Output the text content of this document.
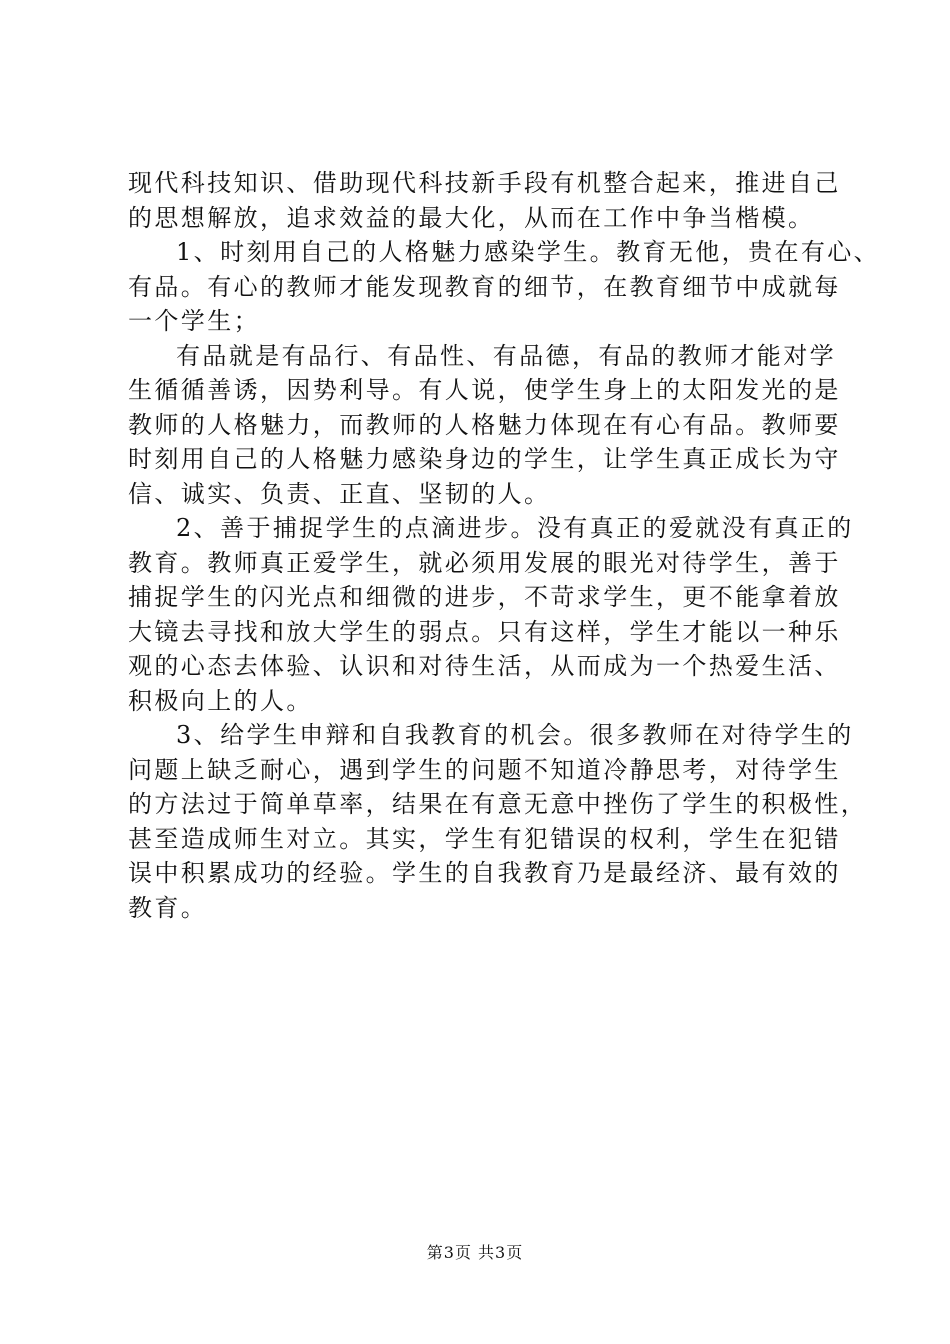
现代科技知识、借助现代科技新手段有机整合起来，推进自己
的思想解放，追求效益的最大化，从而在工作中争当楷模。
1、时刻用自己的人格魅力感染学生。教育无他，贵在有心、
有品。有心的教师才能发现教育的细节，在教育细节中成就每
一个学生；
有品就是有品行、有品性、有品德，有品的教师才能对学
生循循善诱，因势利导。有人说，使学生身上的太阳发光的是
教师的人格魅力，而教师的人格魅力体现在有心有品。教师要
时刻用自己的人格魅力感染身边的学生，让学生真正成长为守
信、诚实、负责、正直、坚韧的人。
2、善于捕捉学生的点滴进步。没有真正的爱就没有真正的
教育。教师真正爱学生，就必须用发展的眼光对待学生，善于
捕捉学生的闪光点和细微的进步，不苛求学生，更不能拿着放
大镜去寻找和放大学生的弱点。只有这样，学生才能以一种乐
观的心态去体验、认识和对待生活，从而成为一个热爱生活、
积极向上的人。
3、给学生申辩和自我教育的机会。很多教师在对待学生的
问题上缺乏耐心，遇到学生的问题不知道冷静思考，对待学生
的方法过于简单草率，结果在有意无意中挫伤了学生的积极性，
甚至造成师生对立。其实，学生有犯错误的权利，学生在犯错
误中积累成功的经验。学生的自我教育乃是最经济、最有效的
教育。
第3页 共3页
